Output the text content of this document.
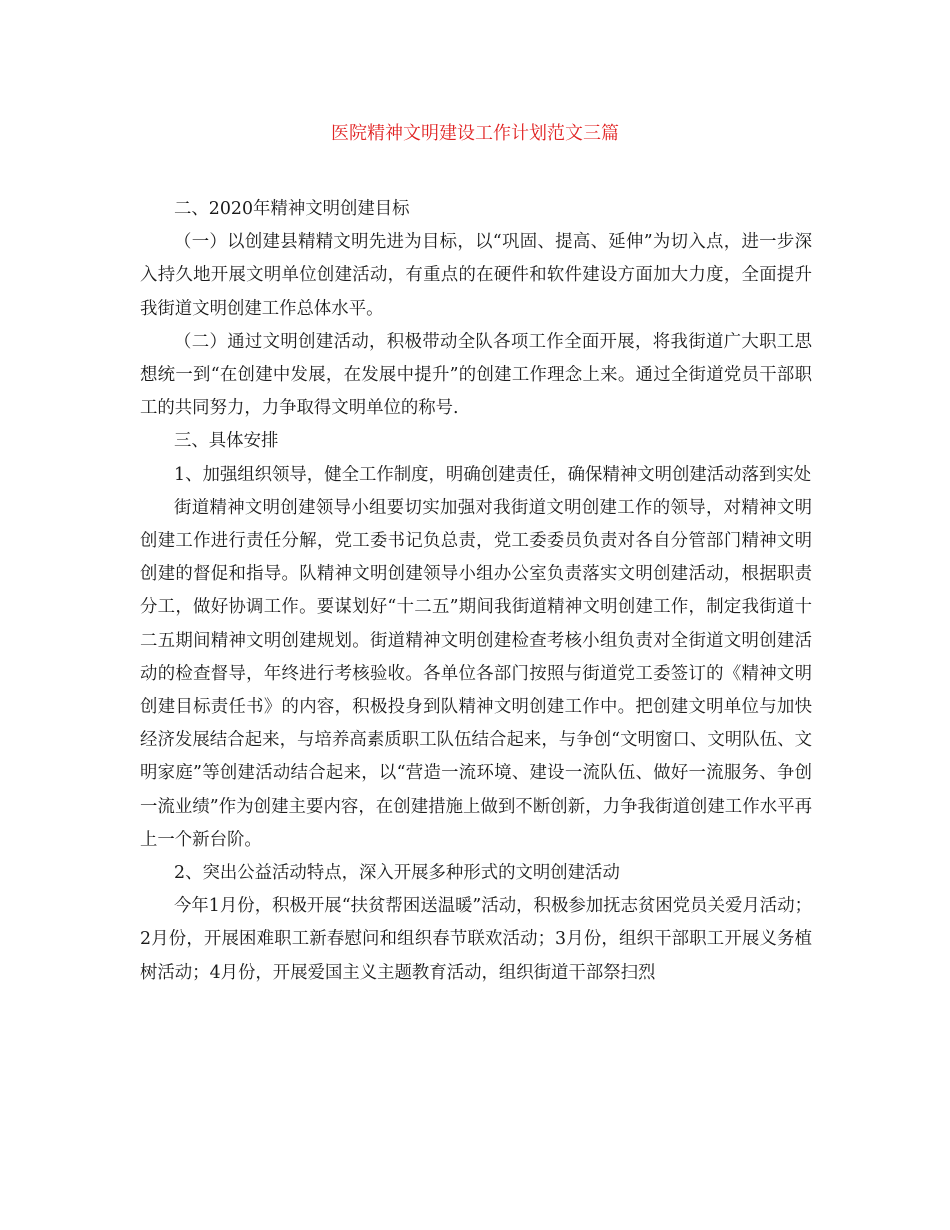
医院精神文明建设工作计划范文三篇

二、2020年精神文明创建目标

（一）以创建县精精文明先进为目标，以“巩固、提高、延伸”为切入点，进一步深入持久地开展文明单位创建活动，有重点的在硬件和软件建设方面加大力度，全面提升我街道文明创建工作总体水平。

（二）通过文明创建活动，积极带动全队各项工作全面开展，将我街道广大职工思想统一到“在创建中发展，在发展中提升”的创建工作理念上来。通过全街道党员干部职工的共同努力，力争取得文明单位的称号.

三、具体安排

1、加强组织领导，健全工作制度，明确创建责任，确保精神文明创建活动落到实处

街道精神文明创建领导小组要切实加强对我街道文明创建工作的领导，对精神文明创建工作进行责任分解，党工委书记负总责，党工委委员负责对各自分管部门精神文明创建的督促和指导。队精神文明创建领导小组办公室负责落实文明创建活动，根据职责分工，做好协调工作。要谋划好“十二五”期间我街道精神文明创建工作，制定我街道十二五期间精神文明创建规划。街道精神文明创建检查考核小组负责对全街道文明创建活动的检查督导，年终进行考核验收。各单位各部门按照与街道党工委签订的《精神文明创建目标责任书》的内容，积极投身到队精神文明创建工作中。把创建文明单位与加快经济发展结合起来，与培养高素质职工队伍结合起来，与争创“文明窗口、文明队伍、文明家庭”等创建活动结合起来，以“营造一流环境、建设一流队伍、做好一流服务、争创一流业绩”作为创建主要内容，在创建措施上做到不断创新，力争我街道创建工作水平再上一个新台阶。

2、突出公益活动特点，深入开展多种形式的文明创建活动

今年1月份，积极开展“扶贫帮困送温暖”活动，积极参加抚志贫困党员关爱月活动；2月份，开展困难职工新春慰问和组织春节联欢活动；3月份，组织干部职工开展义务植树活动；4月份，开展爱国主义主题教育活动，组织街道干部祭扫烈
